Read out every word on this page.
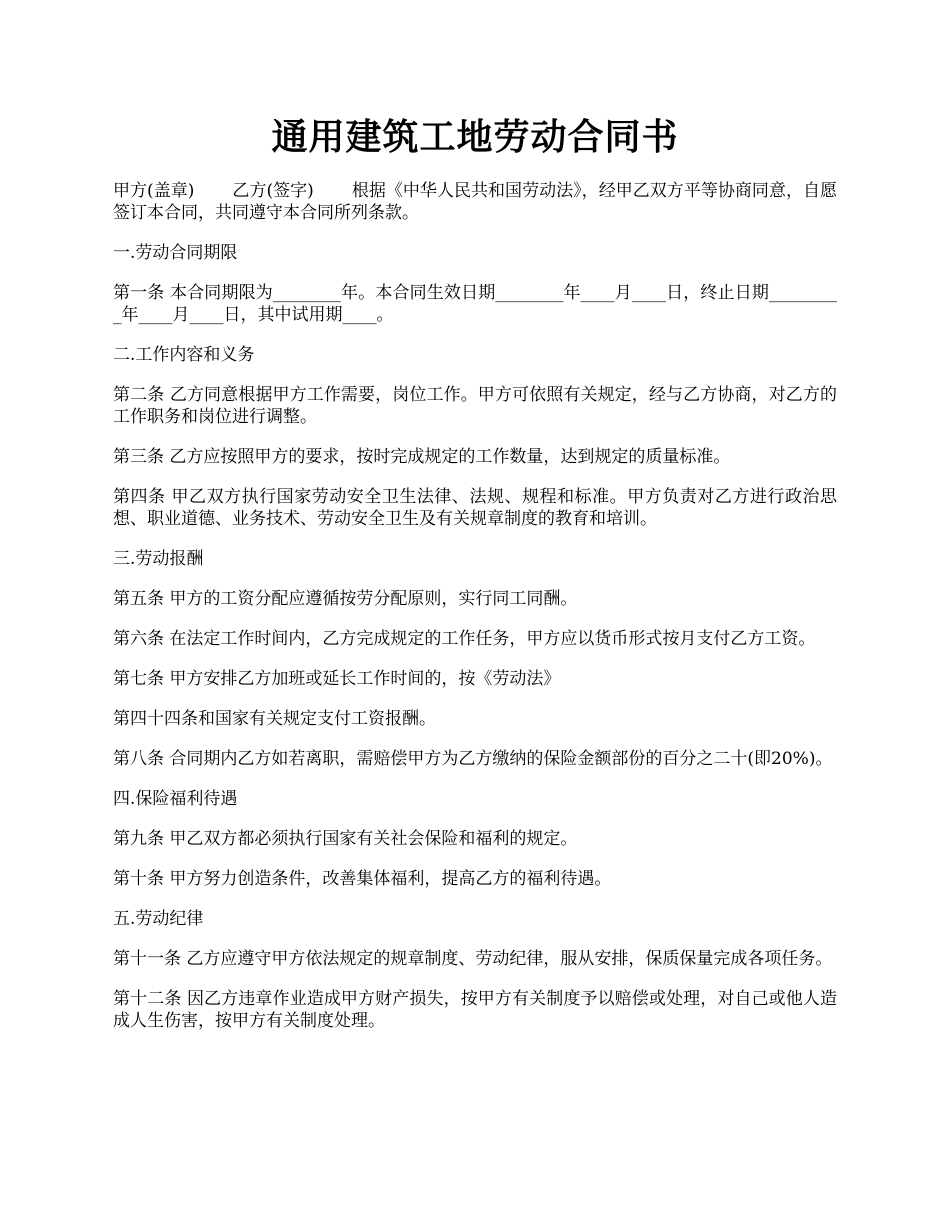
通用建筑工地劳动合同书

甲方(盖章) 乙方(签字) 根据《中华人民共和国劳动法》，经甲乙双方平等协商同意，自愿签订本合同，共同遵守本合同所列条款。

一.劳动合同期限

第一条 本合同期限为________年。本合同生效日期________年____月____日，终止日期_________年____月____日，其中试用期____。

二.工作内容和义务

第二条 乙方同意根据甲方工作需要，岗位工作。甲方可依照有关规定，经与乙方协商，对乙方的工作职务和岗位进行调整。

第三条 乙方应按照甲方的要求，按时完成规定的工作数量，达到规定的质量标准。

第四条 甲乙双方执行国家劳动安全卫生法律、法规、规程和标准。甲方负责对乙方进行政治思想、职业道德、业务技术、劳动安全卫生及有关规章制度的教育和培训。

三.劳动报酬

第五条 甲方的工资分配应遵循按劳分配原则，实行同工同酬。

第六条 在法定工作时间内，乙方完成规定的工作任务，甲方应以货币形式按月支付乙方工资。

第七条 甲方安排乙方加班或延长工作时间的，按《劳动法》

第四十四条和国家有关规定支付工资报酬。

第八条 合同期内乙方如若离职，需赔偿甲方为乙方缴纳的保险金额部份的百分之二十(即20%)。

四.保险福利待遇

第九条 甲乙双方都必须执行国家有关社会保险和福利的规定。

第十条 甲方努力创造条件，改善集体福利，提高乙方的福利待遇。

五.劳动纪律

第十一条 乙方应遵守甲方依法规定的规章制度、劳动纪律，服从安排，保质保量完成各项任务。

第十二条 因乙方违章作业造成甲方财产损失，按甲方有关制度予以赔偿或处理，对自己或他人造成人生伤害，按甲方有关制度处理。
